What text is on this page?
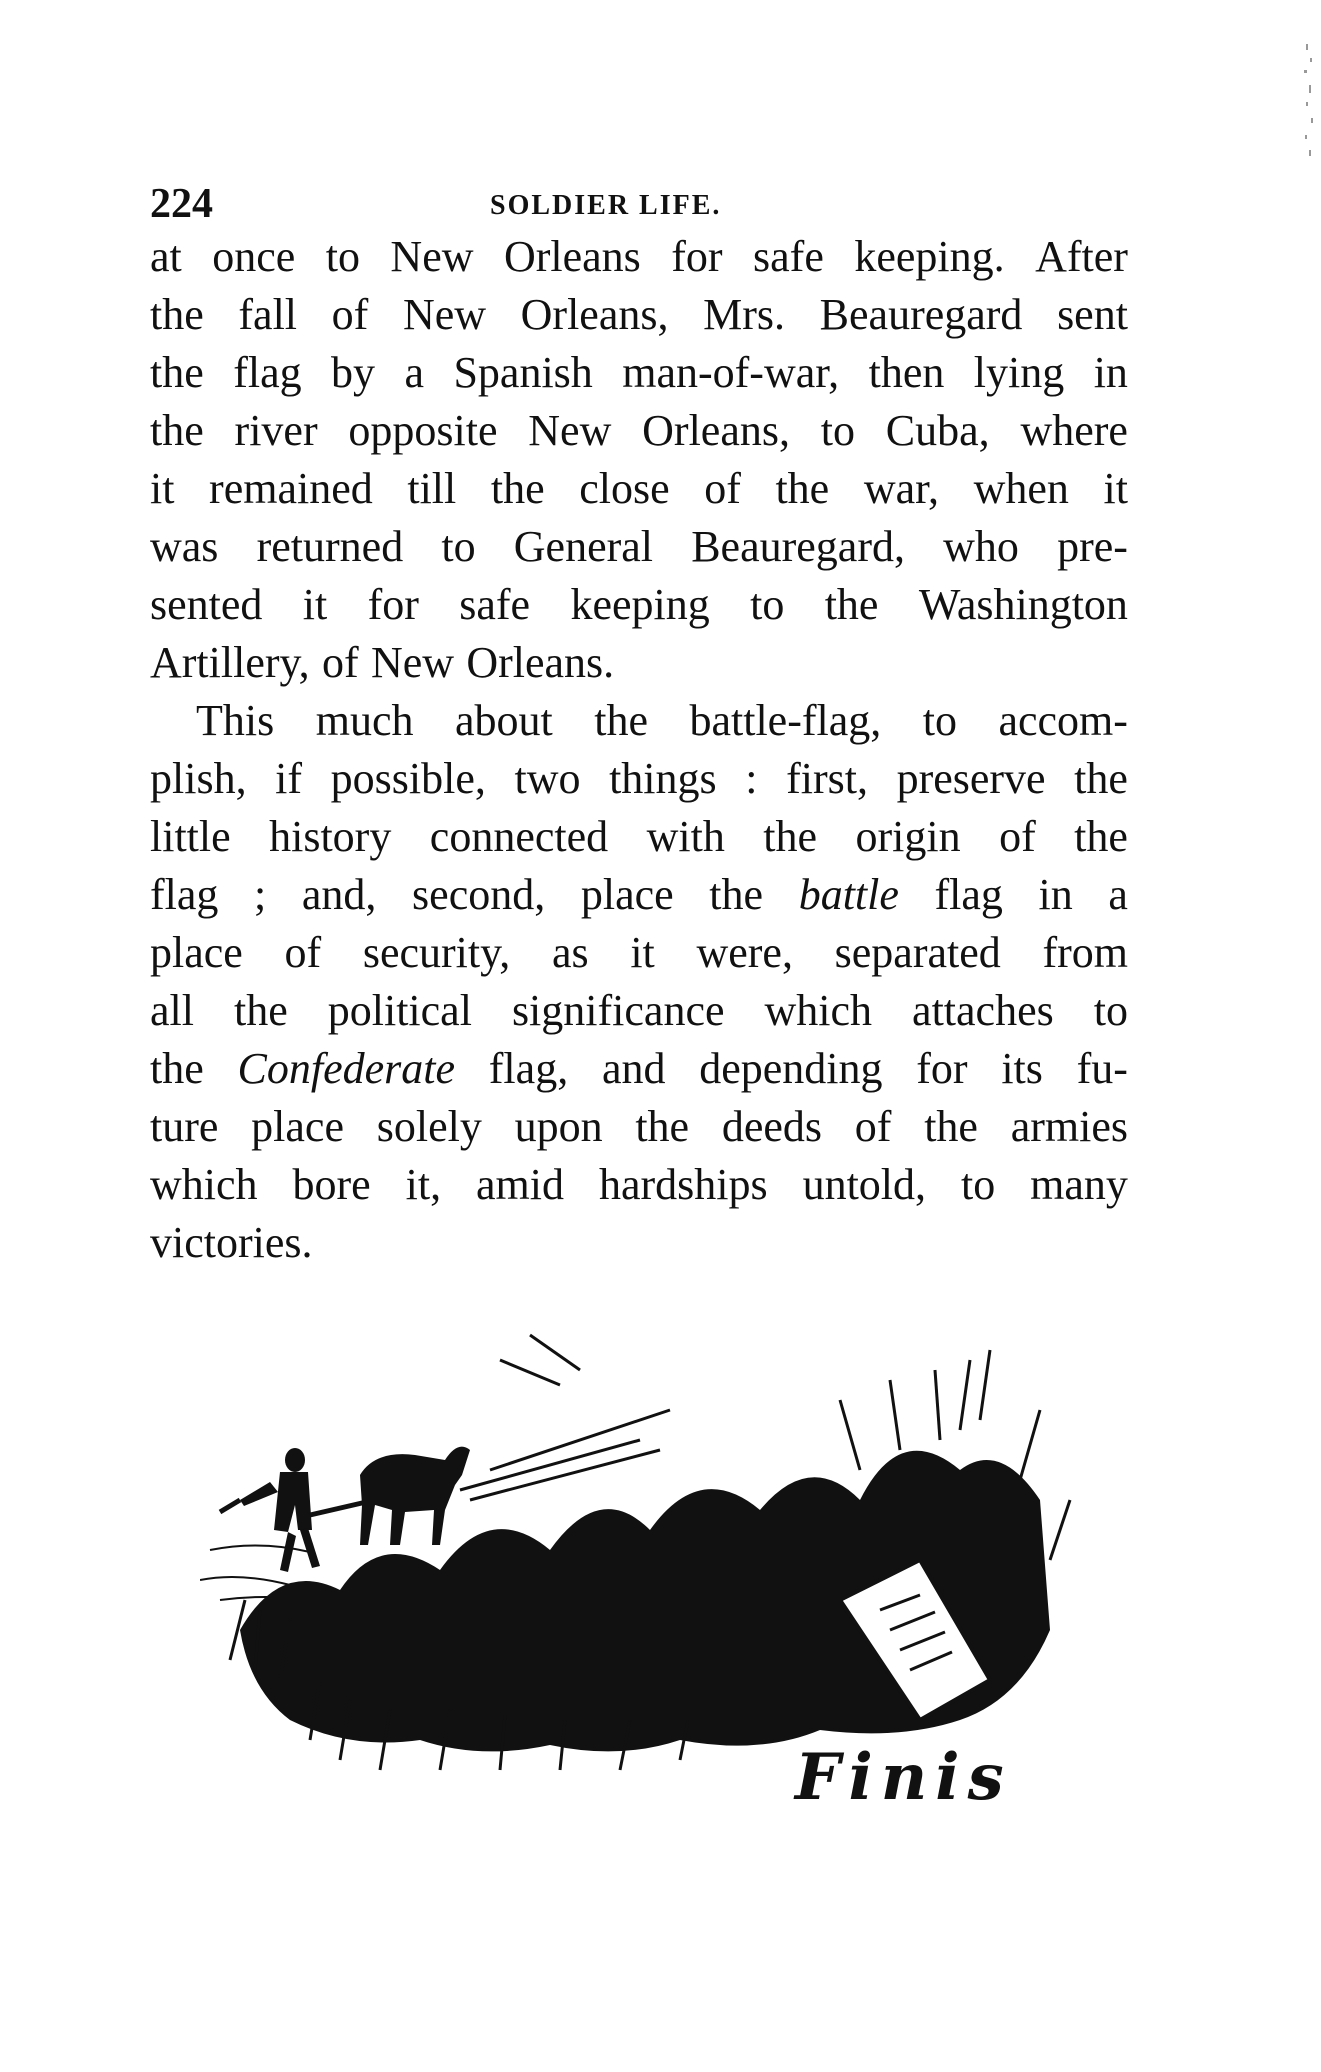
224	SOLDIER LIFE.
at once to New Orleans for safe keeping. After
the fall of New Orleans, Mrs. Beauregard sent
the flag by a Spanish man-of-war, then lying in
the river opposite New Orleans, to Cuba, where
it remained till the close of the war, when it
was returned to General Beauregard, who pre-
sented it for safe keeping to the Washington
Artillery, of New Orleans.
This much about the battle-flag, to accom-
plish, if possible, two things : first, preserve the
little history connected with the origin of the
flag ; and, second, place the battle flag in a
place of security, as it were, separated from
all the political significance which attaches to
the Confederate flag, and depending for its fu-
ture place solely upon the deeds of the armies
which bore it, amid hardships untold, to many
victories.
Finis
